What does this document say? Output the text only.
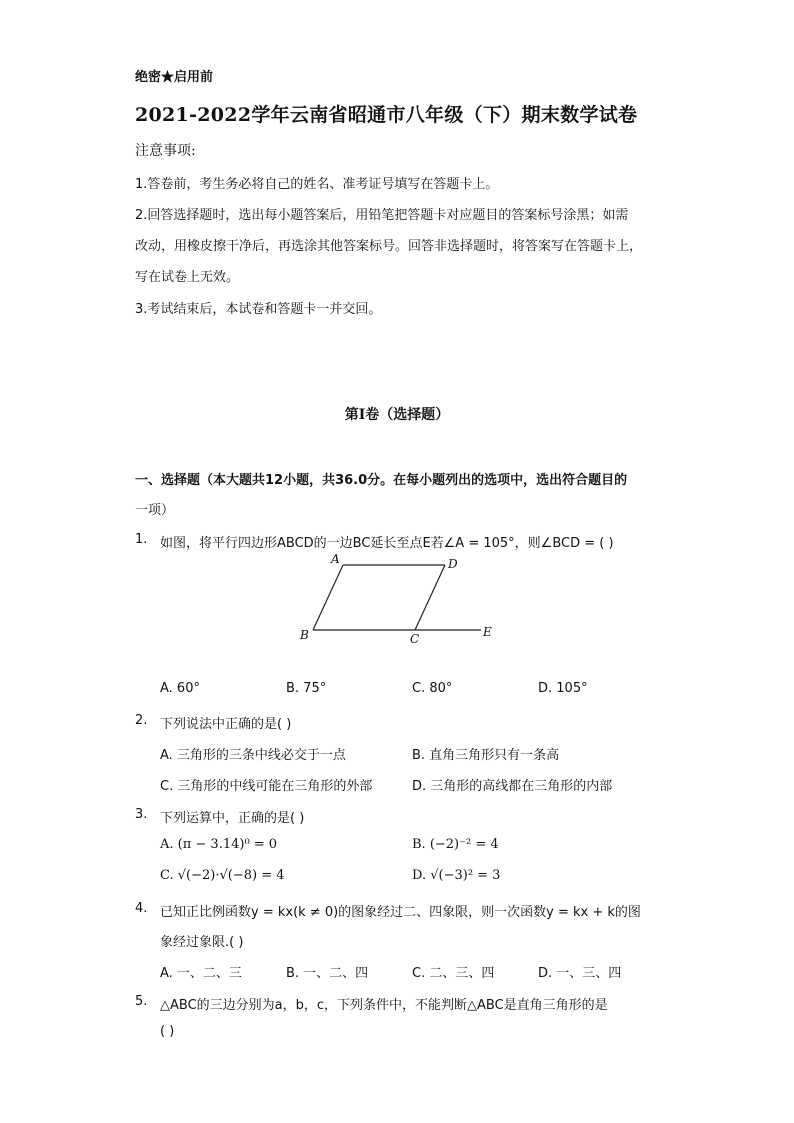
绝密★启用前
2021-2022学年云南省昭通市八年级（下）期末数学试卷
注意事项:
1.答卷前，考生务必将自己的姓名、准考证号填写在答题卡上。
2.回答选择题时，选出每小题答案后，用铅笔把答题卡对应题目的答案标号涂黑；如需
改动，用橡皮擦干净后，再选涂其他答案标号。回答非选择题时，将答案写在答题卡上，
写在试卷上无效。
3.考试结束后，本试卷和答题卡一并交回。
第I卷（选择题）
一、选择题（本大题共12小题，共36.0分。在每小题列出的选项中，选出符合题目的
一项）
1. 如图，将平行四边形ABCD的一边BC延长至点E若∠A = 105°，则∠BCD = ( )
A	D
B	C	E
A. 60°	B. 75°	C. 80°	D. 105°
2. 下列说法中正确的是( )
A. 三角形的三条中线必交于一点	B. 直角三角形只有一条高
C. 三角形的中线可能在三角形的外部	D. 三角形的高线都在三角形的内部
3. 下列运算中，正确的是( )
A. (π − 3.14)⁰ = 0	B. (−2)⁻² = 4
C. √(−2)·√(−8) = 4	D. √(−3)² = 3
4. 已知正比例函数y = kx(k ≠ 0)的图象经过二、四象限，则一次函数y = kx + k的图
象经过象限.( )
A. 一、二、三	B. 一、二、四	C. 二、三、四	D. 一、三、四
5. △ABC的三边分别为a，b，c，下列条件中，不能判断△ABC是直角三角形的是
( )
